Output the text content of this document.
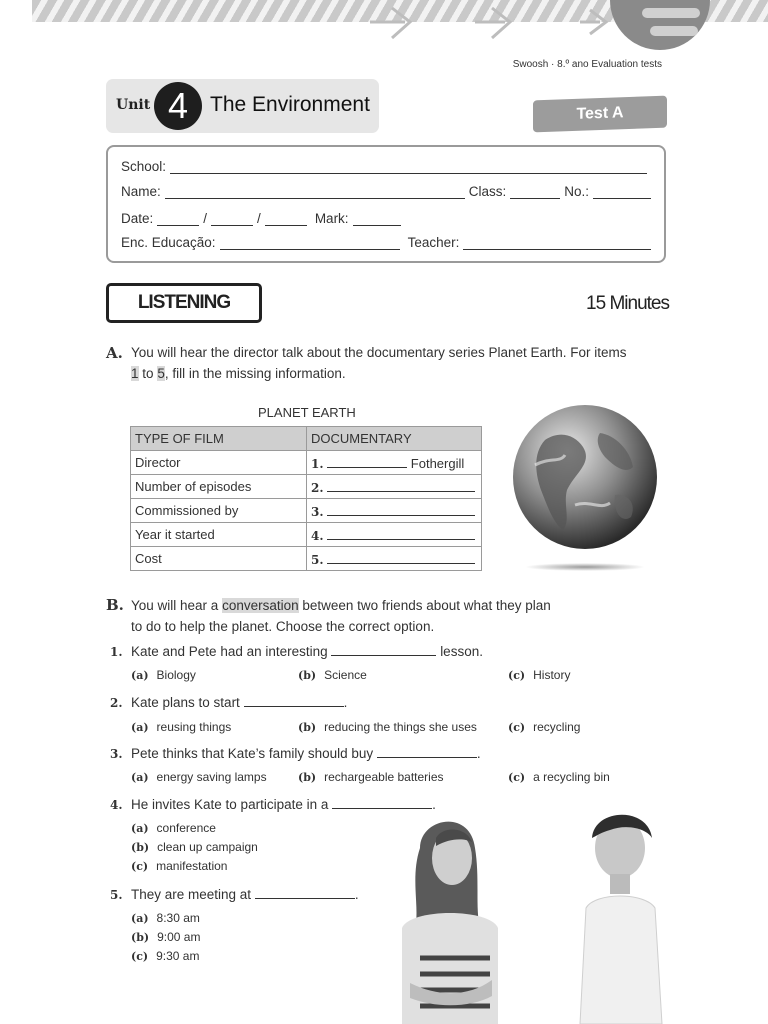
Swoosh · 8.º ano Evaluation tests
Unit 4	The Environment	Test A
School:
Name:	Class:	No.:
Date:	/	/	Mark:
Enc. Educação:	Teacher:
LISTENING	15 Minutes
A. You will hear the director talk about the documentary series Planet Earth. For items
1 to 5, fill in the missing information.
PLANET EARTH
TYPE OF FILM	DOCUMENTARY
Director	1. Fothergill
Number of episodes	2.
Commissioned by	3.
Year it started	4.
Cost	5.
B. You will hear a conversation between two friends about what they plan
to do to help the planet. Choose the correct option.
1. Kate and Pete had an interesting	lesson.
(a) Biology	(b) Science	(c) History
2. Kate plans to start	.
(a) reusing things	(b) reducing the things she uses	(c) recycling
3. Pete thinks that Kate’s family should buy	.
(a) energy saving lamps	(b) rechargeable batteries	(c) a recycling bin
4. He invites Kate to participate in a	.
(a) conference
(b) clean up campaign
(c) manifestation
5. They are meeting at	.
(a) 8:30 am
(b) 9:00 am
(c) 9:30 am
